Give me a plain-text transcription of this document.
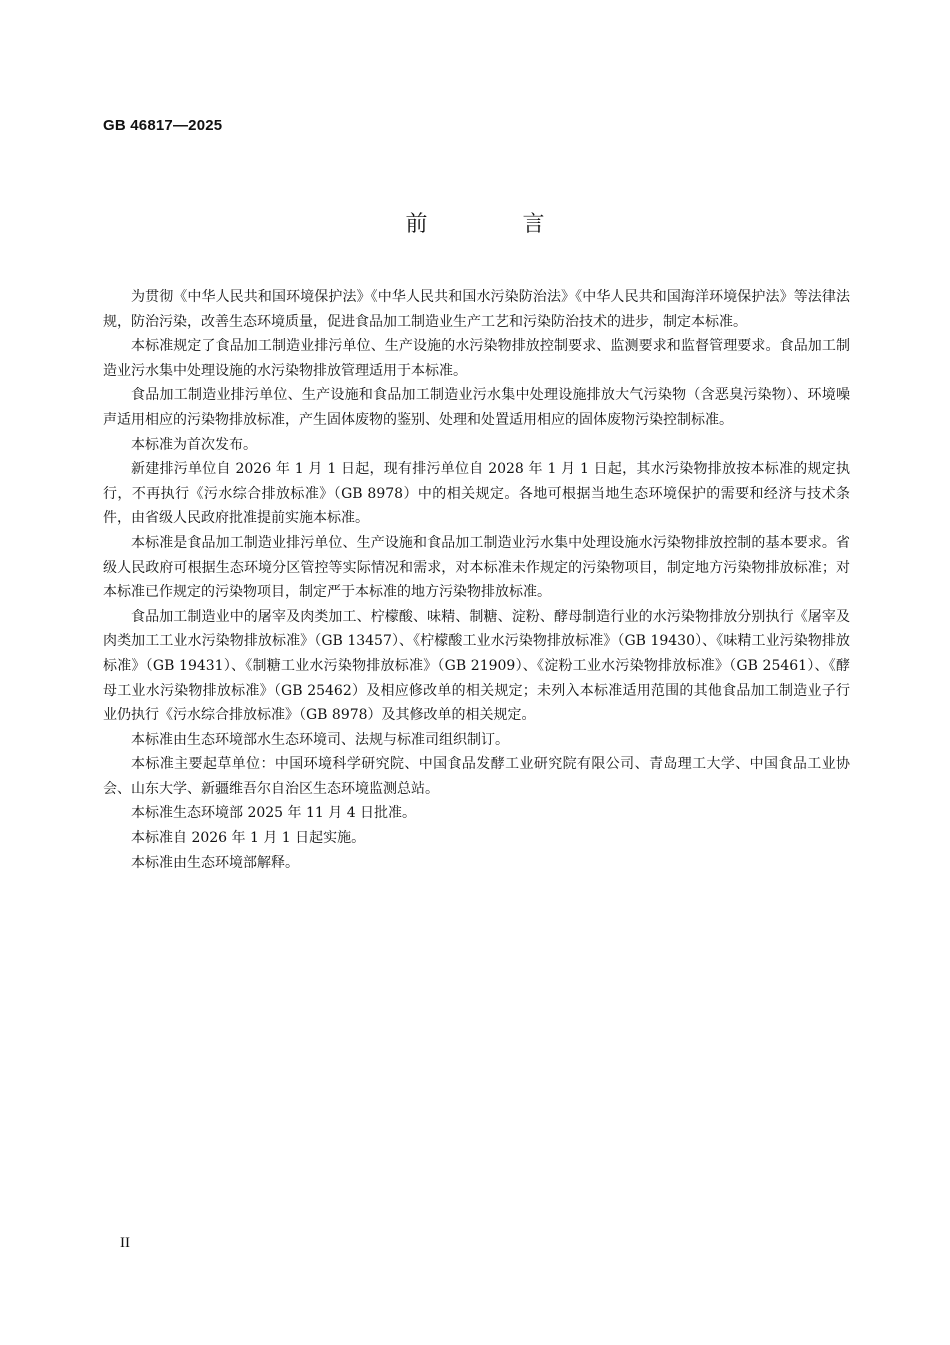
GB 46817—2025
前 言

为贯彻《中华人民共和国环境保护法》《中华人民共和国水污染防治法》《中华人民共和国海洋环境保护法》等法律法规，防治污染，改善生态环境质量，促进食品加工制造业生产工艺和污染防治技术的进步，制定本标准。

本标准规定了食品加工制造业排污单位、生产设施的水污染物排放控制要求、监测要求和监督管理要求。食品加工制造业污水集中处理设施的水污染物排放管理适用于本标准。

食品加工制造业排污单位、生产设施和食品加工制造业污水集中处理设施排放大气污染物（含恶臭污染物）、环境噪声适用相应的污染物排放标准，产生固体废物的鉴别、处理和处置适用相应的固体废物污染控制标准。

本标准为首次发布。

新建排污单位自 2026 年 1 月 1 日起，现有排污单位自 2028 年 1 月 1 日起，其水污染物排放按本标准的规定执行，不再执行《污水综合排放标准》（GB 8978）中的相关规定。各地可根据当地生态环境保护的需要和经济与技术条件，由省级人民政府批准提前实施本标准。

本标准是食品加工制造业排污单位、生产设施和食品加工制造业污水集中处理设施水污染物排放控制的基本要求。省级人民政府可根据生态环境分区管控等实际情况和需求，对本标准未作规定的污染物项目，制定地方污染物排放标准；对本标准已作规定的污染物项目，制定严于本标准的地方污染物排放标准。

食品加工制造业中的屠宰及肉类加工、柠檬酸、味精、制糖、淀粉、酵母制造行业的水污染物排放分别执行《屠宰及肉类加工工业水污染物排放标准》（GB 13457）、《柠檬酸工业水污染物排放标准》（GB 19430）、《味精工业污染物排放标准》（GB 19431）、《制糖工业水污染物排放标准》（GB 21909）、《淀粉工业水污染物排放标准》（GB 25461）、《酵母工业水污染物排放标准》（GB 25462）及相应修改单的相关规定；未列入本标准适用范围的其他食品加工制造业子行业仍执行《污水综合排放标准》（GB 8978）及其修改单的相关规定。

本标准由生态环境部水生态环境司、法规与标准司组织制订。

本标准主要起草单位：中国环境科学研究院、中国食品发酵工业研究院有限公司、青岛理工大学、中国食品工业协会、山东大学、新疆维吾尔自治区生态环境监测总站。

本标准生态环境部 2025 年 11 月 4 日批准。

本标准自 2026 年 1 月 1 日起实施。

本标准由生态环境部解释。

II
